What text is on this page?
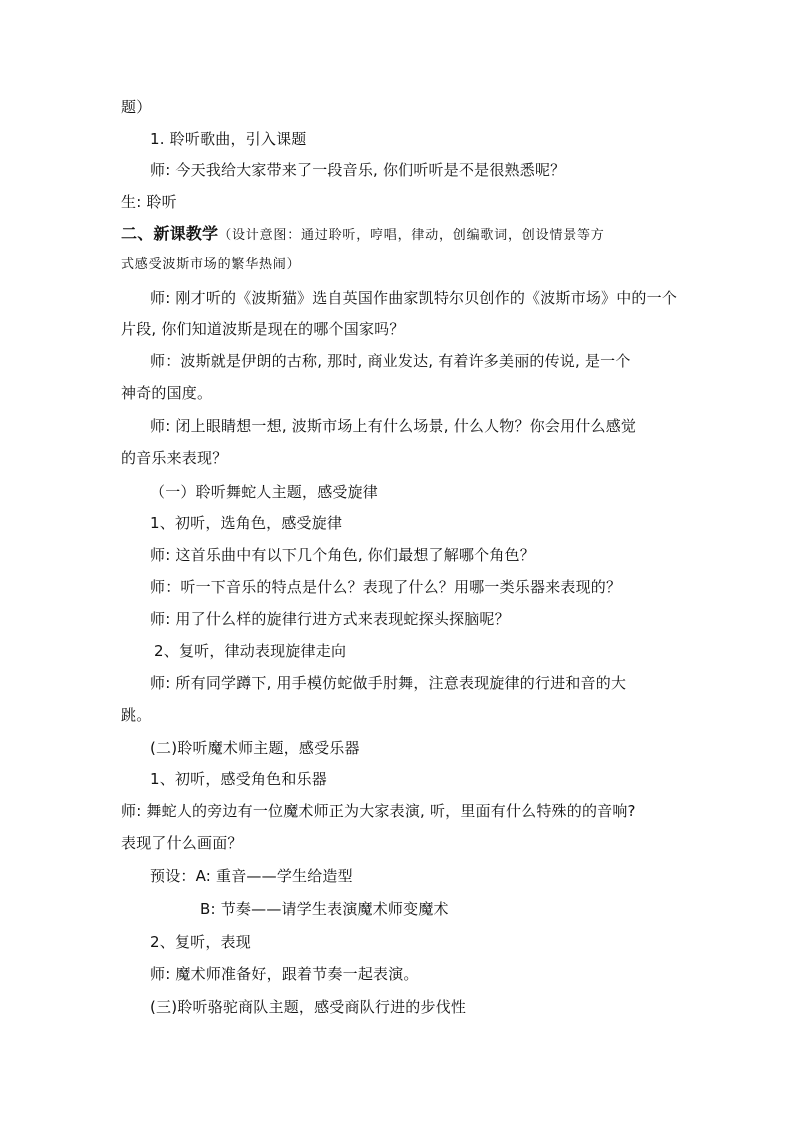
题）
1. 聆听歌曲，引入课题
师: 今天我给大家带来了一段音乐, 你们听听是不是很熟悉呢？
生: 聆听
二、新课教学（设计意图：通过聆听，哼唱，律动，创编歌词，创设情景等方
式感受波斯市场的繁华热闹）
师: 刚才听的《波斯猫》选自英国作曲家凯特尔贝创作的《波斯市场》中的一个
片段, 你们知道波斯是现在的哪个国家吗？
师：波斯就是伊朗的古称, 那时, 商业发达, 有着许多美丽的传说, 是一个
神奇的国度。
师: 闭上眼睛想一想, 波斯市场上有什么场景, 什么人物？你会用什么感觉
的音乐来表现？
（一）聆听舞蛇人主题，感受旋律
1、初听，选角色，感受旋律
师: 这首乐曲中有以下几个角色, 你们最想了解哪个角色？
师：听一下音乐的特点是什么？表现了什么？用哪一类乐器来表现的？
师: 用了什么样的旋律行进方式来表现蛇探头探脑呢？
2、复听，律动表现旋律走向
师: 所有同学蹲下, 用手模仿蛇做手肘舞，注意表现旋律的行进和音的大
跳。
(二)聆听魔术师主题，感受乐器
1、初听，感受角色和乐器
师: 舞蛇人的旁边有一位魔术师正为大家表演, 听，里面有什么特殊的的音响?
表现了什么画面？
预设：A: 重音——学生给造型
B: 节奏——请学生表演魔术师变魔术
2、复听，表现
师: 魔术师准备好，跟着节奏一起表演。
(三)聆听骆驼商队主题，感受商队行进的步伐性
